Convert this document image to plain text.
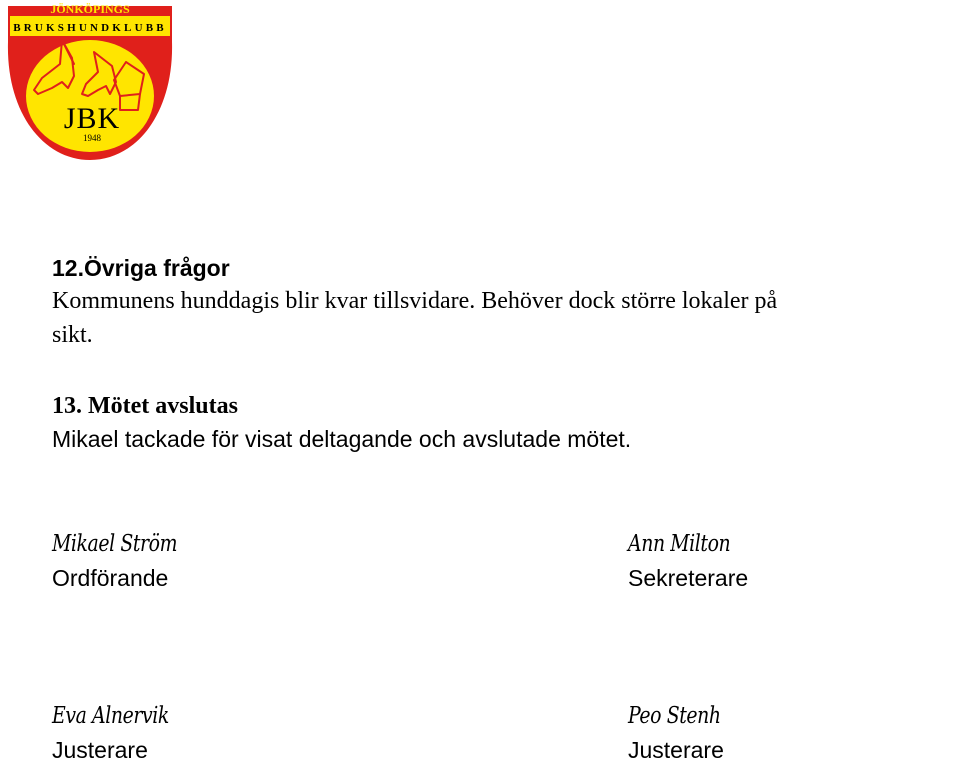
JÖNKÖPINGS
BRUKSHUNDKLUBB
JBK
1948
12.Övriga frågor
Kommunens hunddagis blir kvar tillsvidare. Behöver dock större lokaler på
sikt.
13. Mötet avslutas
Mikael tackade för visat deltagande och avslutade mötet.
Mikael Ström
Ordförande
Ann Milton
Sekreterare
Eva Alnervik
Justerare
Peo Stenh
Justerare
